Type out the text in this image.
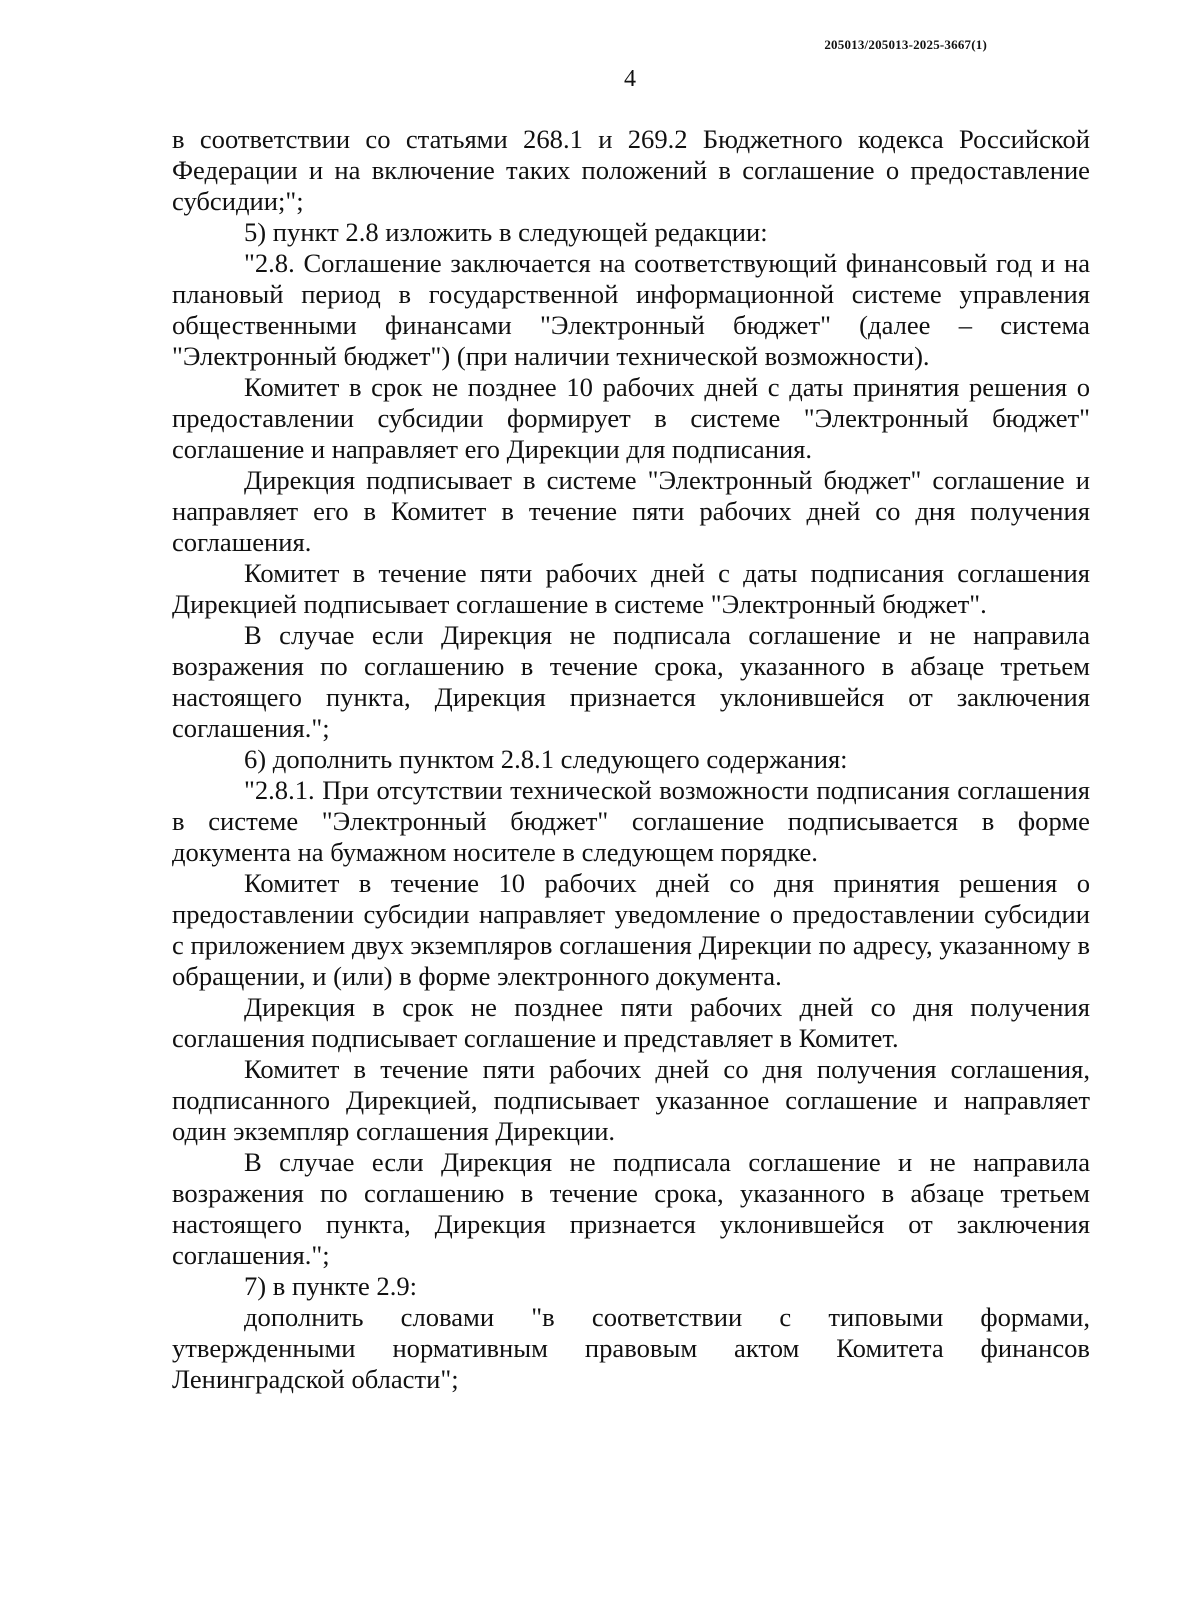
205013/205013-2025-3667(1)
4

в соответствии со статьями 268.1 и 269.2 Бюджетного кодекса Российской Федерации и на включение таких положений в соглашение о предоставление субсидии;";

5) пункт 2.8 изложить в следующей редакции:

"2.8. Соглашение заключается на соответствующий финансовый год и на плановый период в государственной информационной системе управления общественными финансами "Электронный бюджет" (далее – система "Электронный бюджет") (при наличии технической возможности).

Комитет в срок не позднее 10 рабочих дней с даты принятия решения о предоставлении субсидии формирует в системе "Электронный бюджет" соглашение и направляет его Дирекции для подписания.

Дирекция подписывает в системе "Электронный бюджет" соглашение и направляет его в Комитет в течение пяти рабочих дней со дня получения соглашения.

Комитет в течение пяти рабочих дней с даты подписания соглашения Дирекцией подписывает соглашение в системе "Электронный бюджет".

В случае если Дирекция не подписала соглашение и не направила возражения по соглашению в течение срока, указанного в абзаце третьем настоящего пункта, Дирекция признается уклонившейся от заключения соглашения.";

6) дополнить пунктом 2.8.1 следующего содержания:

"2.8.1. При отсутствии технической возможности подписания соглашения в системе "Электронный бюджет" соглашение подписывается в форме документа на бумажном носителе в следующем порядке.

Комитет в течение 10 рабочих дней со дня принятия решения о предоставлении субсидии направляет уведомление о предоставлении субсидии с приложением двух экземпляров соглашения Дирекции по адресу, указанному в обращении, и (или) в форме электронного документа.

Дирекция в срок не позднее пяти рабочих дней со дня получения соглашения подписывает соглашение и представляет в Комитет.

Комитет в течение пяти рабочих дней со дня получения соглашения, подписанного Дирекцией, подписывает указанное соглашение и направляет один экземпляр соглашения Дирекции.

В случае если Дирекция не подписала соглашение и не направила возражения по соглашению в течение срока, указанного в абзаце третьем настоящего пункта, Дирекция признается уклонившейся от заключения соглашения.";

7) в пункте 2.9:

дополнить словами "в соответствии с типовыми формами, утвержденными нормативным правовым актом Комитета финансов Ленинградской области";
